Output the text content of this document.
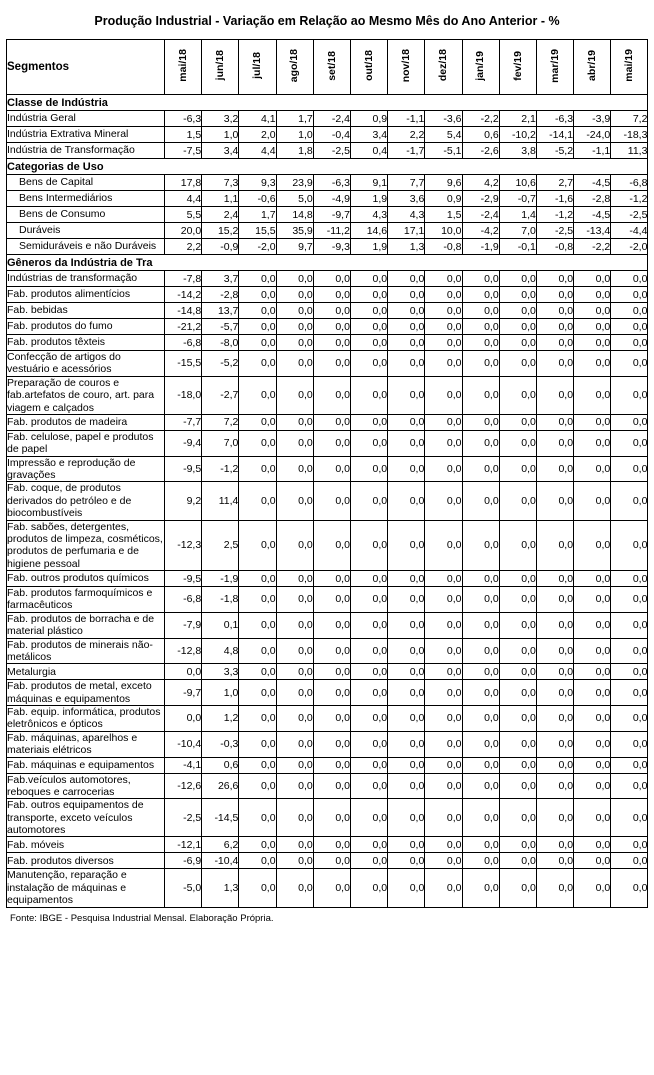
Produção Industrial - Variação em Relação ao Mesmo Mês do Ano Anterior - %
Segmentos	mai/18	jun/18	jul/18	ago/18	set/18	out/18	nov/18	dez/18	jan/19	fev/19	mar/19	abr/19	mai/19
Classe de Indústria													
Indústria Geral	-6,3	3,2	4,1	1,7	-2,4	0,9	-1,1	-3,6	-2,2	2,1	-6,3	-3,9	7,2
Indústria Extrativa Mineral	1,5	1,0	2,0	1,0	-0,4	3,4	2,2	5,4	0,6	-10,2	-14,1	-24,0	-18,3
Indústria de Transformação	-7,5	3,4	4,4	1,8	-2,5	0,4	-1,7	-5,1	-2,6	3,8	-5,2	-1,1	11,3
Categorias de Uso													
Bens de Capital	17,8	7,3	9,3	23,9	-6,3	9,1	7,7	9,6	4,2	10,6	2,7	-4,5	-6,8
Bens Intermediários	4,4	1,1	-0,6	5,0	-4,9	1,9	3,6	0,9	-2,9	-0,7	-1,6	-2,8	-1,2
Bens de Consumo	5,5	2,4	1,7	14,8	-9,7	4,3	4,3	1,5	-2,4	1,4	-1,2	-4,5	-2,5
Duráveis	20,0	15,2	15,5	35,9	-11,2	14,6	17,1	10,0	-4,2	7,0	-2,5	-13,4	-4,4
Semiduráveis e não Duráveis	2,2	-0,9	-2,0	9,7	-9,3	1,9	1,3	-0,8	-1,9	-0,1	-0,8	-2,2	-2,0
Gêneros da Indústria de Tra													
Indústrias de transformação	-7,8	3,7	0,0	0,0	0,0	0,0	0,0	0,0	0,0	0,0	0,0	0,0	0,0
Fab. produtos alimentícios	-14,2	-2,8	0,0	0,0	0,0	0,0	0,0	0,0	0,0	0,0	0,0	0,0	0,0
Fab. bebidas	-14,8	13,7	0,0	0,0	0,0	0,0	0,0	0,0	0,0	0,0	0,0	0,0	0,0
Fab. produtos do fumo	-21,2	-5,7	0,0	0,0	0,0	0,0	0,0	0,0	0,0	0,0	0,0	0,0	0,0
Fab. produtos têxteis	-6,8	-8,0	0,0	0,0	0,0	0,0	0,0	0,0	0,0	0,0	0,0	0,0	0,0
Confecção de artigos do vestuário e acessórios	-15,5	-5,2	0,0	0,0	0,0	0,0	0,0	0,0	0,0	0,0	0,0	0,0	0,0
Preparação de couros e fab.artefatos de couro, art. para viagem e calçados	-18,0	-2,7	0,0	0,0	0,0	0,0	0,0	0,0	0,0	0,0	0,0	0,0	0,0
Fab. produtos de madeira	-7,7	7,2	0,0	0,0	0,0	0,0	0,0	0,0	0,0	0,0	0,0	0,0	0,0
Fab. celulose, papel e produtos de papel	-9,4	7,0	0,0	0,0	0,0	0,0	0,0	0,0	0,0	0,0	0,0	0,0	0,0
Impressão e reprodução de gravações	-9,5	-1,2	0,0	0,0	0,0	0,0	0,0	0,0	0,0	0,0	0,0	0,0	0,0
Fab. coque, de produtos derivados do petróleo e de biocombustíveis	9,2	11,4	0,0	0,0	0,0	0,0	0,0	0,0	0,0	0,0	0,0	0,0	0,0
Fab. sabões, detergentes, produtos de limpeza, cosméticos, produtos de perfumaria e de higiene pessoal	-12,3	2,5	0,0	0,0	0,0	0,0	0,0	0,0	0,0	0,0	0,0	0,0	0,0
Fab. outros produtos químicos	-9,5	-1,9	0,0	0,0	0,0	0,0	0,0	0,0	0,0	0,0	0,0	0,0	0,0
Fab. produtos farmoquímicos e farmacêuticos	-6,8	-1,8	0,0	0,0	0,0	0,0	0,0	0,0	0,0	0,0	0,0	0,0	0,0
Fab. produtos de borracha e de material plástico	-7,9	0,1	0,0	0,0	0,0	0,0	0,0	0,0	0,0	0,0	0,0	0,0	0,0
Fab. produtos de minerais não-metálicos	-12,8	4,8	0,0	0,0	0,0	0,0	0,0	0,0	0,0	0,0	0,0	0,0	0,0
Metalurgia	0,0	3,3	0,0	0,0	0,0	0,0	0,0	0,0	0,0	0,0	0,0	0,0	0,0
Fab. produtos de metal, exceto máquinas e equipamentos	-9,7	1,0	0,0	0,0	0,0	0,0	0,0	0,0	0,0	0,0	0,0	0,0	0,0
Fab. equip. informática, produtos eletrônicos e ópticos	0,0	1,2	0,0	0,0	0,0	0,0	0,0	0,0	0,0	0,0	0,0	0,0	0,0
Fab. máquinas, aparelhos e materiais elétricos	-10,4	-0,3	0,0	0,0	0,0	0,0	0,0	0,0	0,0	0,0	0,0	0,0	0,0
Fab. máquinas e equipamentos	-4,1	0,6	0,0	0,0	0,0	0,0	0,0	0,0	0,0	0,0	0,0	0,0	0,0
Fab.veículos automotores, reboques e carrocerias	-12,6	26,6	0,0	0,0	0,0	0,0	0,0	0,0	0,0	0,0	0,0	0,0	0,0
Fab. outros equipamentos de transporte, exceto veículos automotores	-2,5	-14,5	0,0	0,0	0,0	0,0	0,0	0,0	0,0	0,0	0,0	0,0	0,0
Fab. móveis	-12,1	6,2	0,0	0,0	0,0	0,0	0,0	0,0	0,0	0,0	0,0	0,0	0,0
Fab. produtos diversos	-6,9	-10,4	0,0	0,0	0,0	0,0	0,0	0,0	0,0	0,0	0,0	0,0	0,0
Manutenção, reparação e instalação de máquinas e equipamentos	-5,0	1,3	0,0	0,0	0,0	0,0	0,0	0,0	0,0	0,0	0,0	0,0	0,0
Fonte: IBGE - Pesquisa Industrial Mensal. Elaboração Própria.
